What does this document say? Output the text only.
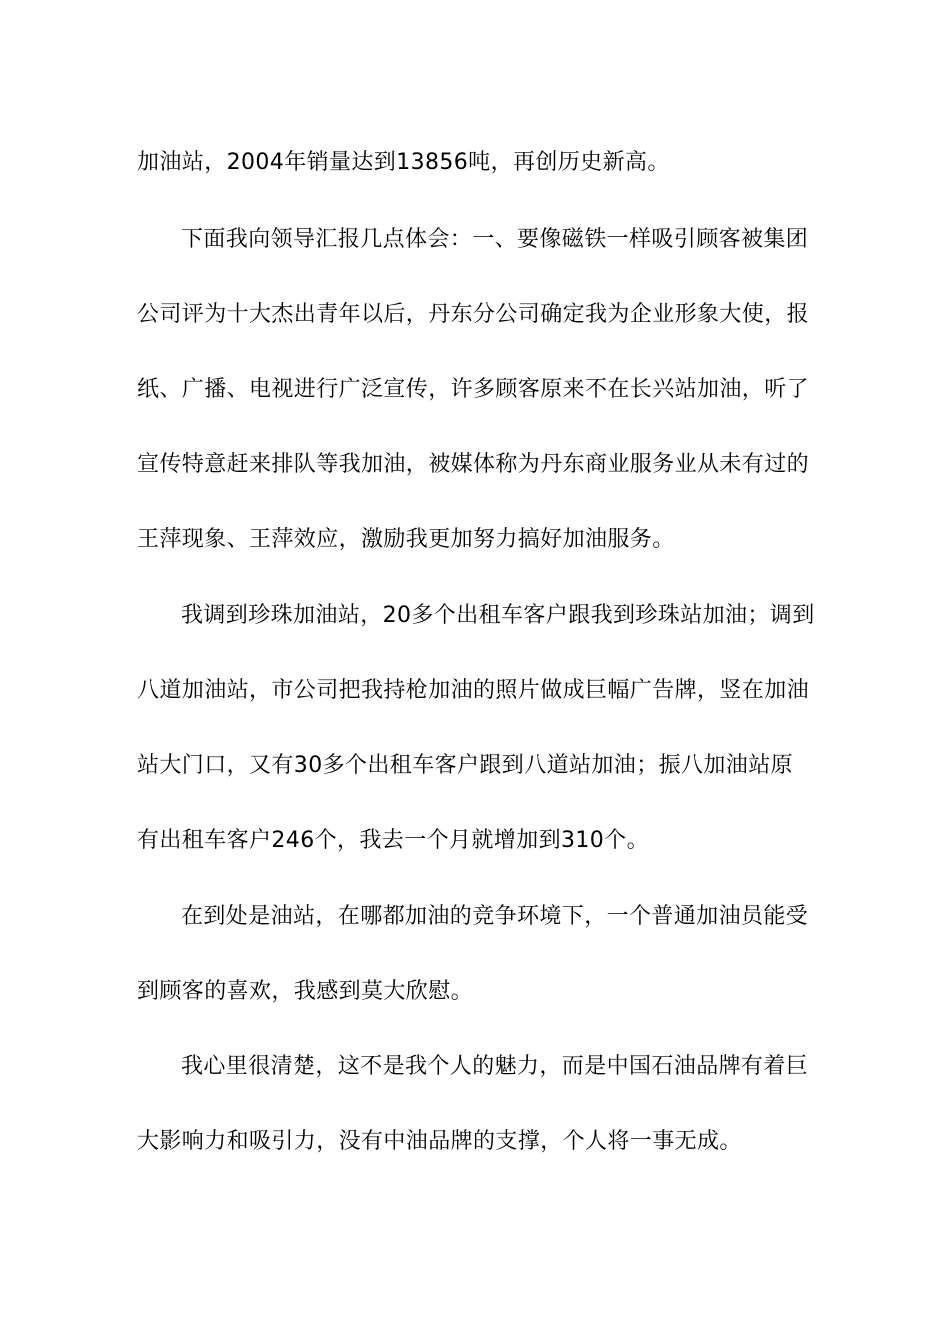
加油站，2004年销量达到13856吨，再创历史新高。
下面我向领导汇报几点体会：一、要像磁铁一样吸引顾客被集团
公司评为十大杰出青年以后，丹东分公司确定我为企业形象大使，报
纸、广播、电视进行广泛宣传，许多顾客原来不在长兴站加油，听了
宣传特意赶来排队等我加油，被媒体称为丹东商业服务业从未有过的
王萍现象、王萍效应，激励我更加努力搞好加油服务。
我调到珍珠加油站，20多个出租车客户跟我到珍珠站加油；调到
八道加油站，市公司把我持枪加油的照片做成巨幅广告牌，竖在加油
站大门口，又有30多个出租车客户跟到八道站加油；振八加油站原
有出租车客户246个，我去一个月就增加到310个。
在到处是油站，在哪都加油的竞争环境下，一个普通加油员能受
到顾客的喜欢，我感到莫大欣慰。
我心里很清楚，这不是我个人的魅力，而是中国石油品牌有着巨
大影响力和吸引力，没有中油品牌的支撑，个人将一事无成。
